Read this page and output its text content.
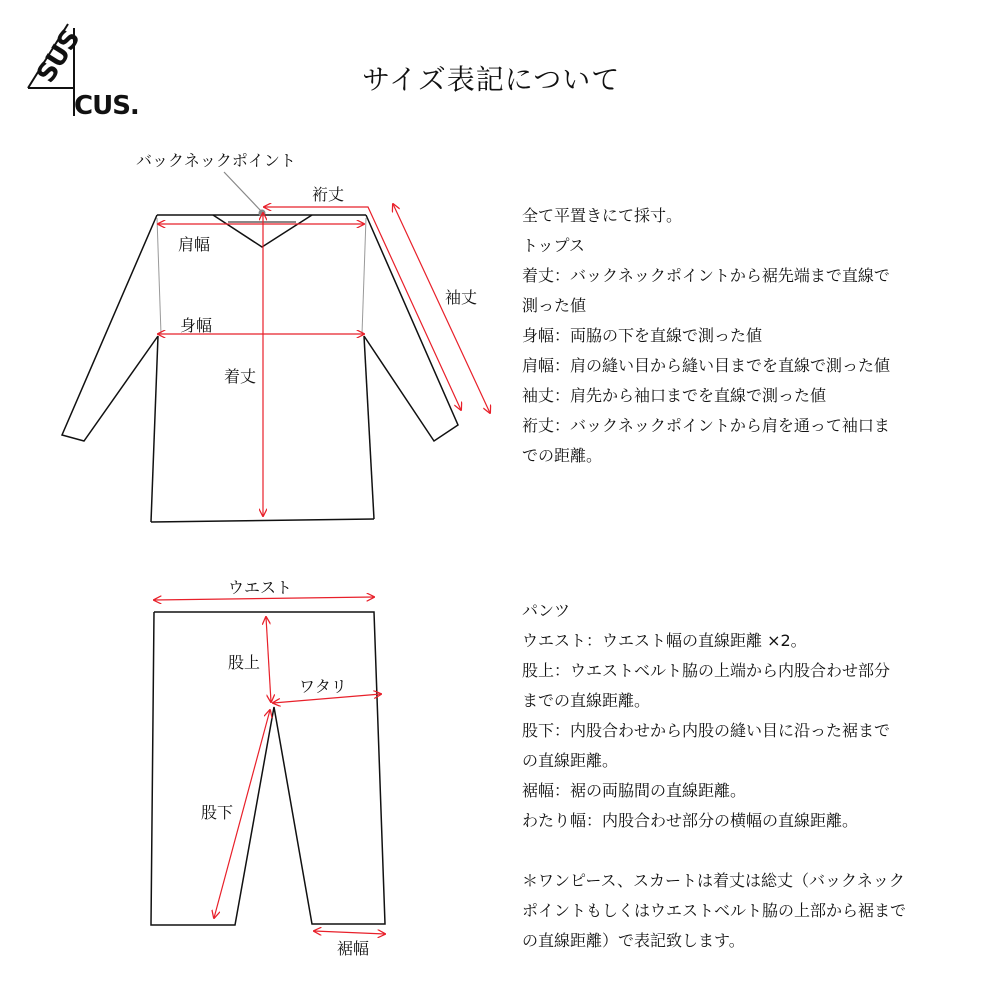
SUS
CUS.
サイズ表記について
バックネックポイント
裄丈
肩幅
袖丈
身幅
着丈
ウエスト
股上
ワタリ
股下
裾幅
全て平置きにて採寸。
トップス
着丈：バックネックポイントから裾先端まで直線で
測った値
身幅：両脇の下を直線で測った値
肩幅：肩の縫い目から縫い目までを直線で測った値
袖丈：肩先から袖口までを直線で測った値
裄丈：バックネックポイントから肩を通って袖口ま
での距離。
パンツ
ウエスト：ウエスト幅の直線距離 ×2。
股上：ウエストベルト脇の上端から内股合わせ部分
までの直線距離。
股下：内股合わせから内股の縫い目に沿った裾まで
の直線距離。
裾幅：裾の両脇間の直線距離。
わたり幅：内股合わせ部分の横幅の直線距離。
＊ワンピース、スカートは着丈は総丈（バックネック
ポイントもしくはウエストベルト脇の上部から裾まで
の直線距離）で表記致します。
